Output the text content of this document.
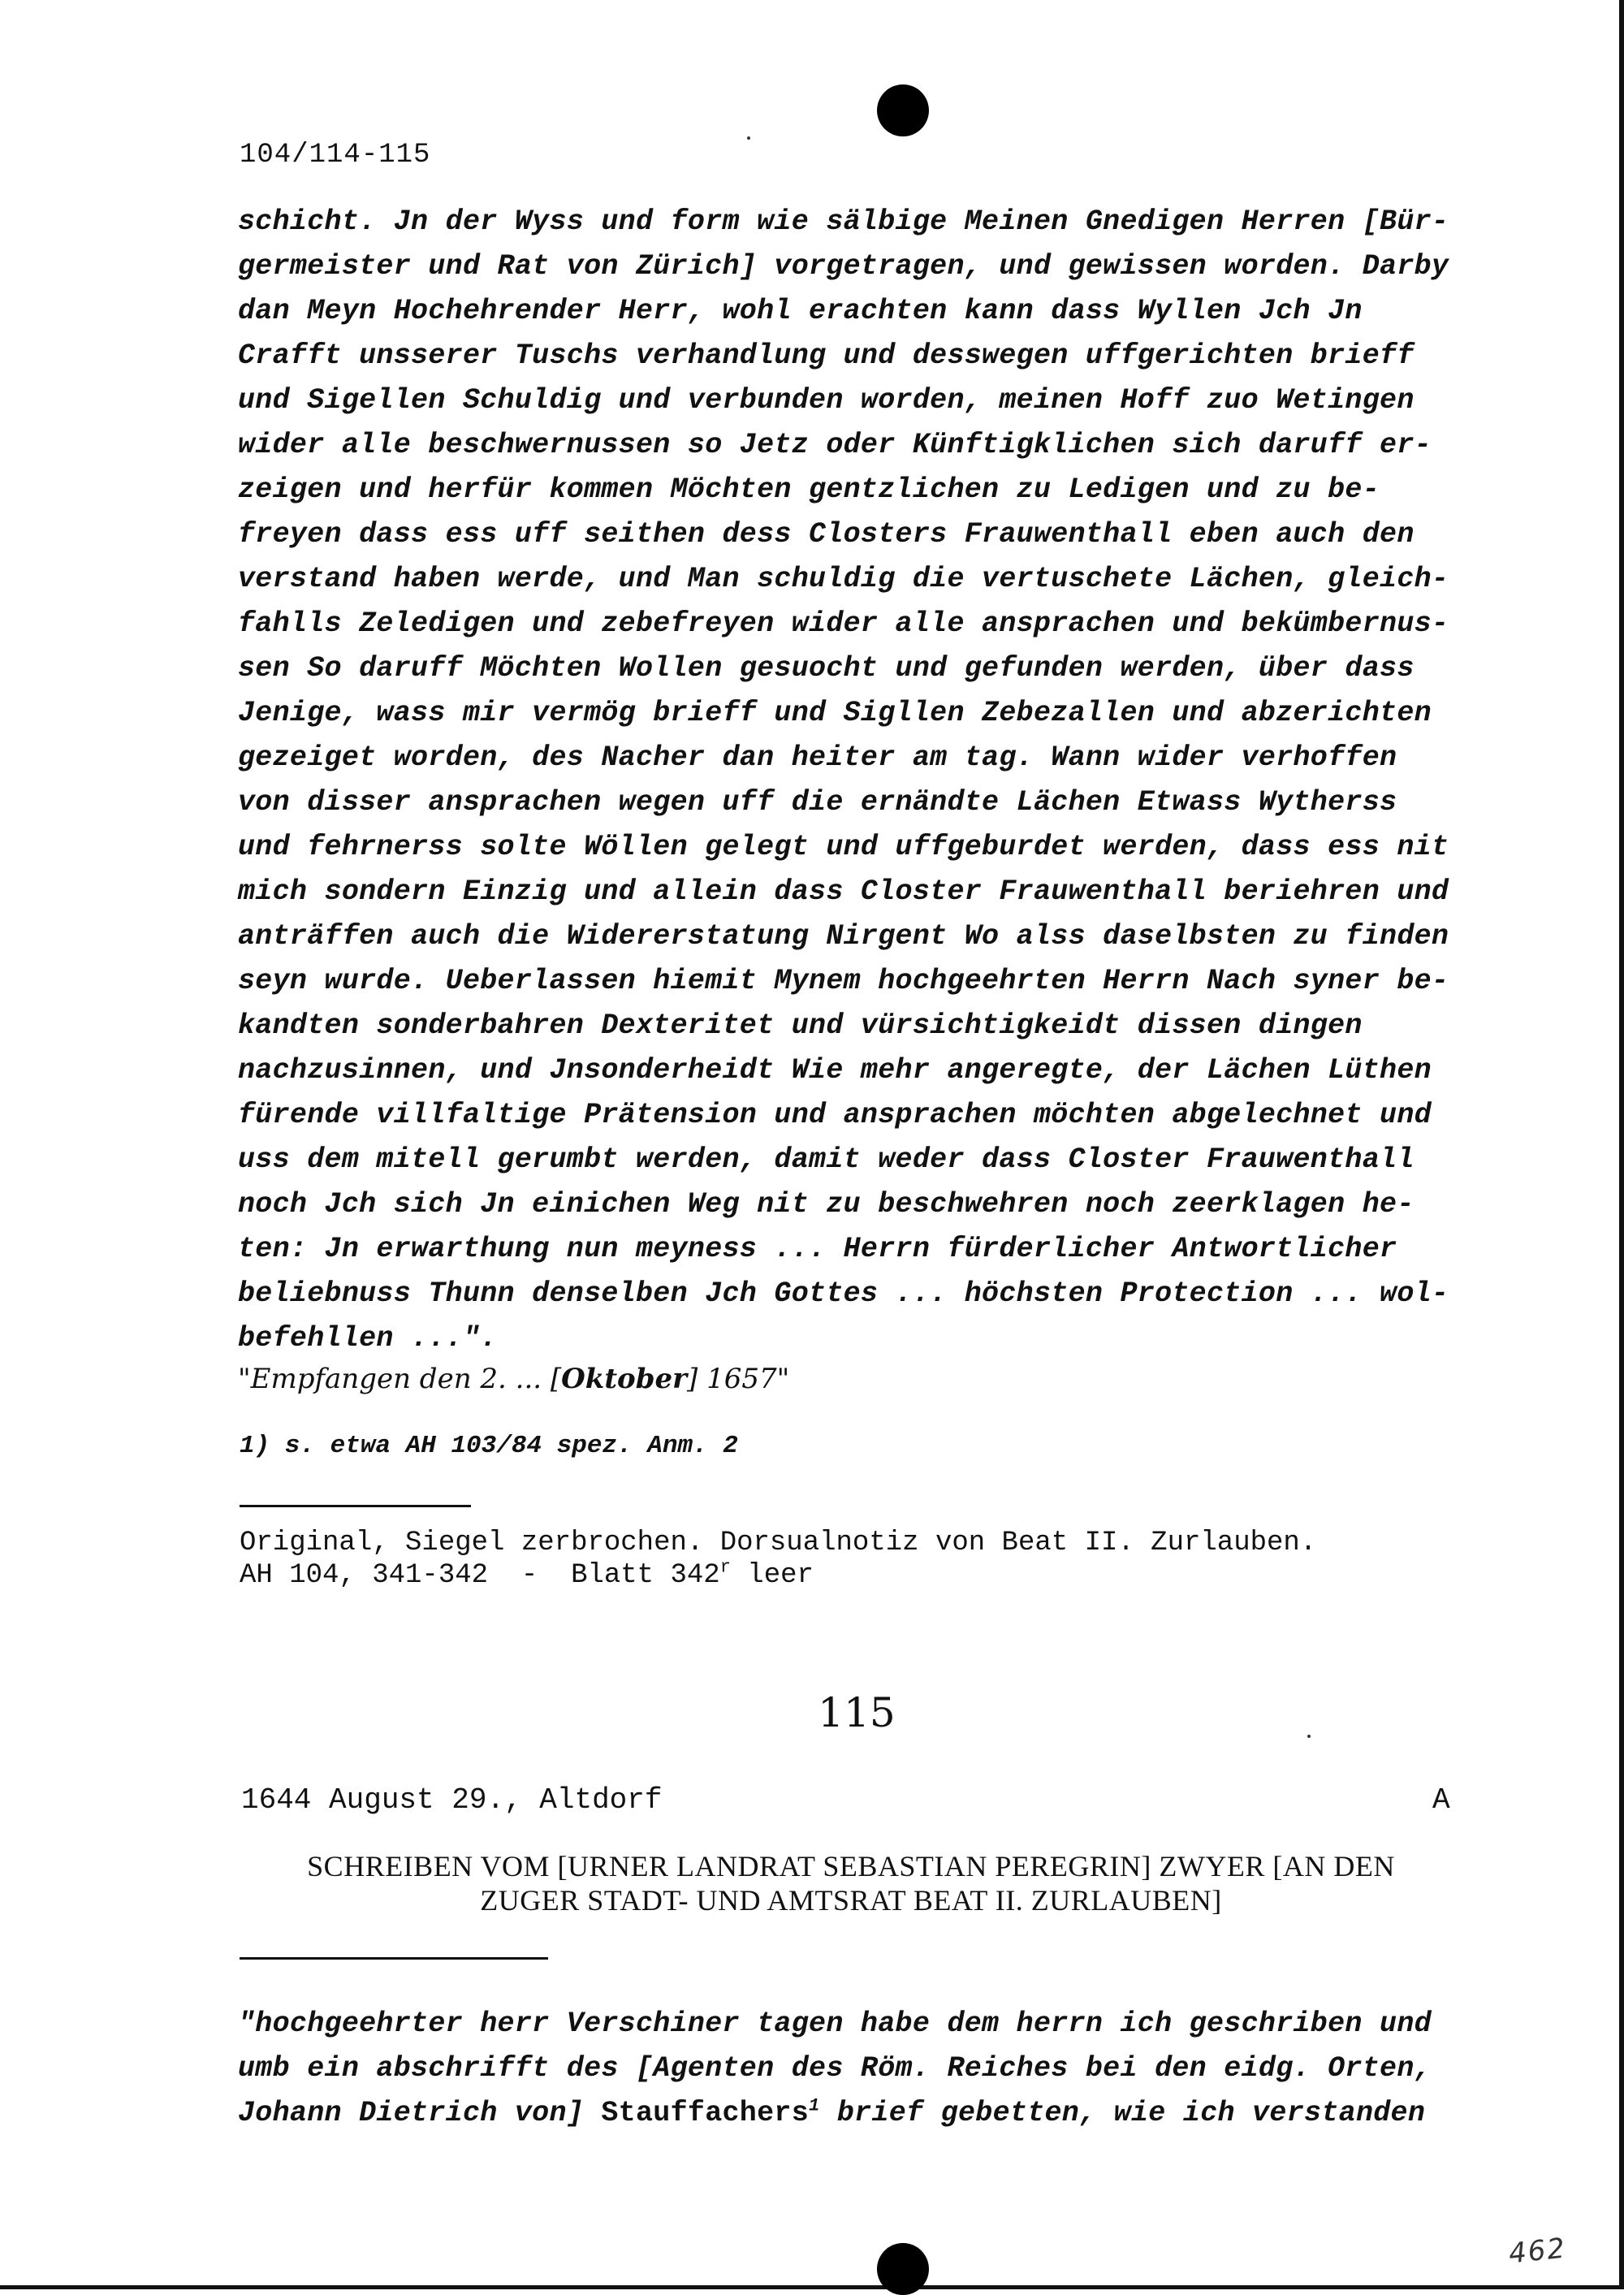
104/114-115
schicht. Jn der Wyss und form wie sälbige Meinen Gnedigen Herren [Bür-
germeister und Rat von Zürich] vorgetragen, und gewissen worden. Darby
dan Meyn Hochehrender Herr, wohl erachten kann dass Wyllen Jch Jn
Crafft unsserer Tuschs verhandlung und desswegen uffgerichten brieff
und Sigellen Schuldig und verbunden worden, meinen Hoff zuo Wetingen
wider alle beschwernussen so Jetz oder Künftigklichen sich daruff er-
zeigen und herfür kommen Möchten gentzlichen zu Ledigen und zu be-
freyen dass ess uff seithen dess Closters Frauwenthall eben auch den
verstand haben werde, und Man schuldig die vertuschete Lächen, gleich-
fahlls Zeledigen und zebefreyen wider alle ansprachen und bekümbernus-
sen So daruff Möchten Wollen gesuocht und gefunden werden, über dass
Jenige, wass mir vermög brieff und Sigllen Zebezallen und abzerichten
gezeiget worden, des Nacher dan heiter am tag. Wann wider verhoffen
von disser ansprachen wegen uff die ernändte Lächen Etwass Wytherss
und fehrnerss solte Wöllen gelegt und uffgeburdet werden, dass ess nit
mich sondern Einzig und allein dass Closter Frauwenthall beriehren und
anträffen auch die Widererstatung Nirgent Wo alss daselbsten zu finden
seyn wurde. Ueberlassen hiemit Mynem hochgeehrten Herrn Nach syner be-
kandten sonderbahren Dexteritet und vürsichtigkeidt dissen dingen
nachzusinnen, und Jnsonderheidt Wie mehr angeregte, der Lächen Lüthen
fürende villfaltige Prätension und ansprachen möchten abgelechnet und
uss dem mitell gerumbt werden, damit weder dass Closter Frauwenthall
noch Jch sich Jn einichen Weg nit zu beschwehren noch zeerklagen he-
ten: Jn erwarthung nun meyness ... Herrn fürderlicher Antwortlicher
beliebnuss Thunn denselben Jch Gottes ... höchsten Protection ... wol-
befehllen ...".
"Empfangen den 2. ... [Oktober] 1657"
1) s. etwa AH 103/84 spez. Anm. 2
Original, Siegel zerbrochen. Dorsualnotiz von Beat II. Zurlauben.
AH 104, 341-342  -  Blatt 342$^r$ leer
115
1644 August 29., Altdorf	A
SCHREIBEN VOM [URNER LANDRAT SEBASTIAN PEREGRIN] ZWYER [AN DEN
ZUGER STADT- UND AMTSRAT BEAT II. ZURLAUBEN]
"hochgeehrter herr Verschiner tagen habe dem herrn ich geschriben und
umb ein abschrifft des [Agenten des Röm. Reiches bei den eidg. Orten,
Johann Dietrich von] Stauffachers$^1$ brief gebetten, wie ich verstanden
462
